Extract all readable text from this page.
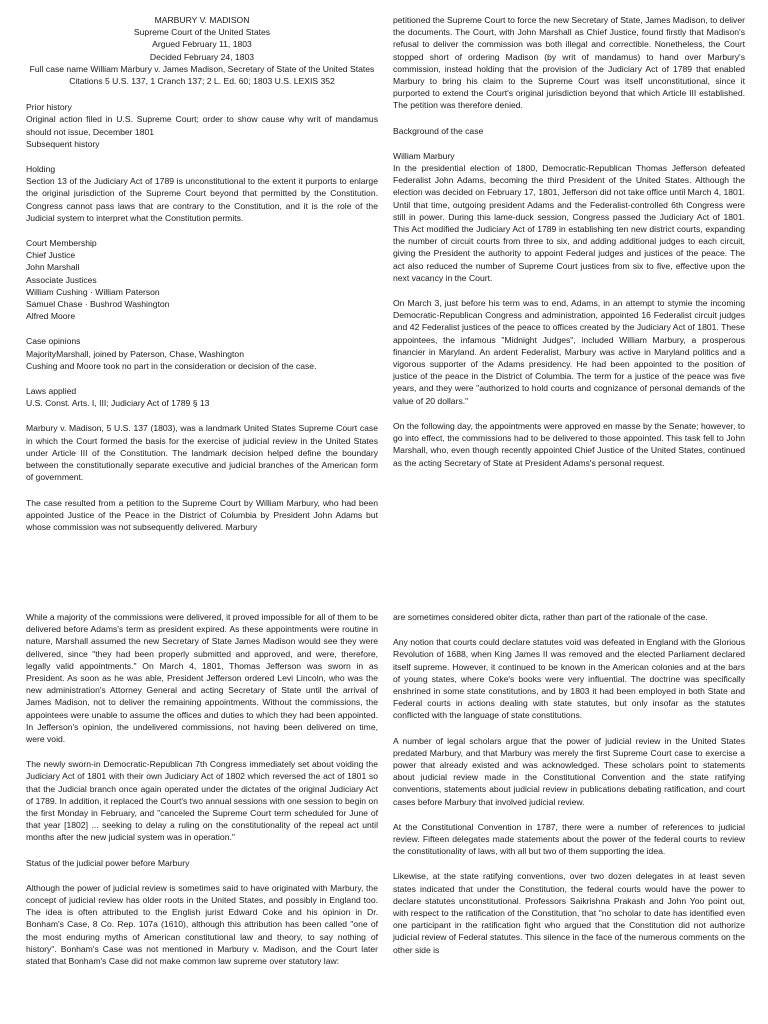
MARBURY V. MADISON
Supreme Court of the United States
Argued February 11, 1803
Decided February 24, 1803
Full case name William Marbury v. James Madison, Secretary of State of the United States
Citations 5 U.S. 137, 1 Cranch 137; 2 L. Ed. 60; 1803 U.S. LEXIS 352
Prior history
Original action filed in U.S. Supreme Court; order to show cause why writ of mandamus should not issue, December 1801
Subsequent history
Holding
Section 13 of the Judiciary Act of 1789 is unconstitutional to the extent it purports to enlarge the original jurisdiction of the Supreme Court beyond that permitted by the Constitution. Congress cannot pass laws that are contrary to the Constitution, and it is the role of the Judicial system to interpret what the Constitution permits.
Court Membership
Chief Justice
John Marshall
Associate Justices
William Cushing · William Paterson
Samuel Chase · Bushrod Washington
Alfred Moore
Case opinions
MajorityMarshall, joined by Paterson, Chase, Washington
Cushing and Moore took no part in the consideration or decision of the case.
Laws applied
U.S. Const. Arts. I, III; Judiciary Act of 1789 § 13

Marbury v. Madison, 5 U.S. 137 (1803), was a landmark United States Supreme Court case in which the Court formed the basis for the exercise of judicial review in the United States under Article III of the Constitution. The landmark decision helped define the boundary between the constitutionally separate executive and judicial branches of the American form of government.

The case resulted from a petition to the Supreme Court by William Marbury, who had been appointed Justice of the Peace in the District of Columbia by President John Adams but whose commission was not subsequently delivered. Marbury

petitioned the Supreme Court to force the new Secretary of State, James Madison, to deliver the documents. The Court, with John Marshall as Chief Justice, found firstly that Madison's refusal to deliver the commission was both illegal and correctible. Nonetheless, the Court stopped short of ordering Madison (by writ of mandamus) to hand over Marbury's commission, instead holding that the provision of the Judiciary Act of 1789 that enabled Marbury to bring his claim to the Supreme Court was itself unconstitutional, since it purported to extend the Court's original jurisdiction beyond that which Article III established. The petition was therefore denied.

Background of the case

William Marbury
In the presidential election of 1800, Democratic-Republican Thomas Jefferson defeated Federalist John Adams, becoming the third President of the United States. Although the election was decided on February 17, 1801, Jefferson did not take office until March 4, 1801. Until that time, outgoing president Adams and the Federalist-controlled 6th Congress were still in power. During this lame-duck session, Congress passed the Judiciary Act of 1801. This Act modified the Judiciary Act of 1789 in establishing ten new district courts, expanding the number of circuit courts from three to six, and adding additional judges to each circuit, giving the President the authority to appoint Federal judges and justices of the peace. The act also reduced the number of Supreme Court justices from six to five, effective upon the next vacancy in the Court.

On March 3, just before his term was to end, Adams, in an attempt to stymie the incoming Democratic-Republican Congress and administration, appointed 16 Federalist circuit judges and 42 Federalist justices of the peace to offices created by the Judiciary Act of 1801. These appointees, the infamous "Midnight Judges", included William Marbury, a prosperous financier in Maryland. An ardent Federalist, Marbury was active in Maryland politics and a vigorous supporter of the Adams presidency. He had been appointed to the position of justice of the peace in the District of Columbia. The term for a justice of the peace was five years, and they were "authorized to hold courts and cognizance of personal demands of the value of 20 dollars."

On the following day, the appointments were approved en masse by the Senate; however, to go into effect, the commissions had to be delivered to those appointed. This task fell to John Marshall, who, even though recently appointed Chief Justice of the United States, continued as the acting Secretary of State at President Adams's personal request.

While a majority of the commissions were delivered, it proved impossible for all of them to be delivered before Adams's term as president expired. As these appointments were routine in nature, Marshall assumed the new Secretary of State James Madison would see they were delivered, since "they had been properly submitted and approved, and were, therefore, legally valid appointments." On March 4, 1801, Thomas Jefferson was sworn in as President. As soon as he was able, President Jefferson ordered Levi Lincoln, who was the new administration's Attorney General and acting Secretary of State until the arrival of James Madison, not to deliver the remaining appointments. Without the commissions, the appointees were unable to assume the offices and duties to which they had been appointed. In Jefferson's opinion, the undelivered commissions, not having been delivered on time, were void.

The newly sworn-in Democratic-Republican 7th Congress immediately set about voiding the Judiciary Act of 1801 with their own Judiciary Act of 1802 which reversed the act of 1801 so that the Judicial branch once again operated under the dictates of the original Judiciary Act of 1789. In addition, it replaced the Court's two annual sessions with one session to begin on the first Monday in February, and "canceled the Supreme Court term scheduled for June of that year [1802] ... seeking to delay a ruling on the constitutionality of the repeal act until months after the new judicial system was in operation."

Status of the judicial power before Marbury

Although the power of judicial review is sometimes said to have originated with Marbury, the concept of judicial review has older roots in the United States, and possibly in England too. The idea is often attributed to the English jurist Edward Coke and his opinion in Dr. Bonham's Case, 8 Co. Rep. 107a (1610), although this attribution has been called "one of the most enduring myths of American constitutional law and theory, to say nothing of history". Bonham's Case was not mentioned in Marbury v. Madison, and the Court later stated that Bonham's Case did not make common law supreme over statutory law:

are sometimes considered obiter dicta, rather than part of the rationale of the case.

Any notion that courts could declare statutes void was defeated in England with the Glorious Revolution of 1688, when King James II was removed and the elected Parliament declared itself supreme. However, it continued to be known in the American colonies and at the bars of young states, where Coke's books were very influential. The doctrine was specifically enshrined in some state constitutions, and by 1803 it had been employed in both State and Federal courts in actions dealing with state statutes, but only insofar as the statutes conflicted with the language of state constitutions.

A number of legal scholars argue that the power of judicial review in the United States predated Marbury, and that Marbury was merely the first Supreme Court case to exercise a power that already existed and was acknowledged. These scholars point to statements about judicial review made in the Constitutional Convention and the state ratifying conventions, statements about judicial review in publications debating ratification, and court cases before Marbury that involved judicial review.

At the Constitutional Convention in 1787, there were a number of references to judicial review. Fifteen delegates made statements about the power of the federal courts to review the constitutionality of laws, with all but two of them supporting the idea.

Likewise, at the state ratifying conventions, over two dozen delegates in at least seven states indicated that under the Constitution, the federal courts would have the power to declare statutes unconstitutional. Professors Saikrishna Prakash and John Yoo point out, with respect to the ratification of the Constitution, that "no scholar to date has identified even one participant in the ratification fight who argued that the Constitution did not authorize judicial review of Federal statutes. This silence in the face of the numerous comments on the other side is
